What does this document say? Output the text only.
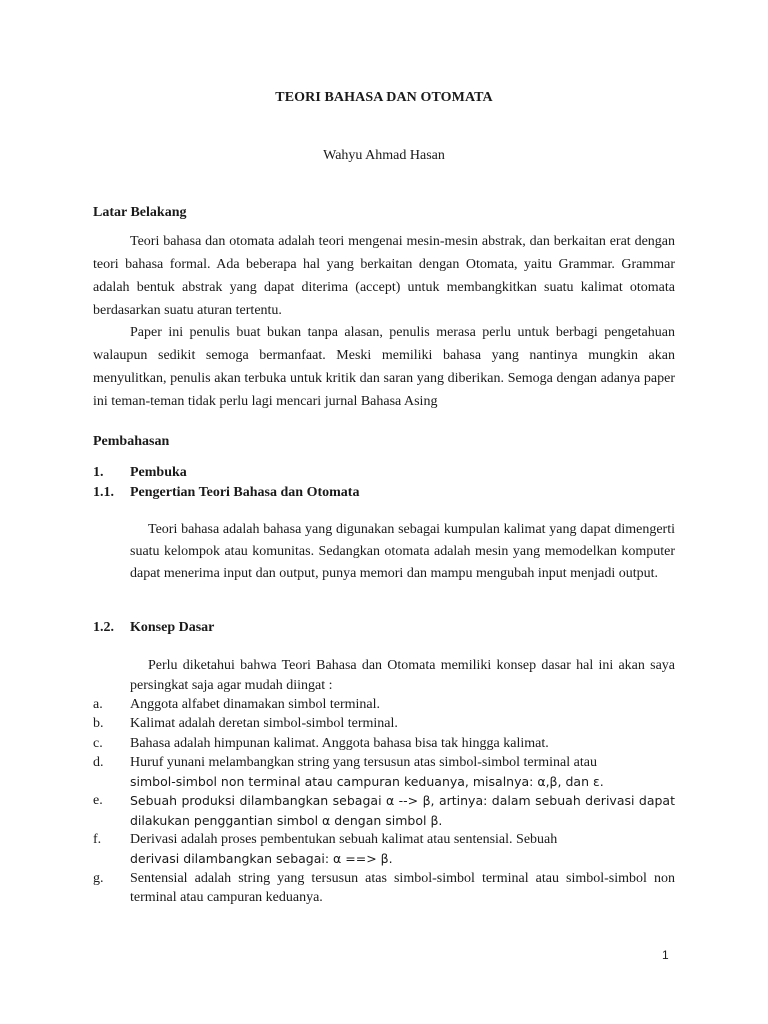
TEORI BAHASA DAN OTOMATA

Wahyu Ahmad Hasan

Latar Belakang

Teori bahasa dan otomata adalah teori mengenai mesin-mesin abstrak, dan berkaitan erat dengan teori bahasa formal. Ada beberapa hal yang berkaitan dengan Otomata, yaitu Grammar. Grammar adalah bentuk abstrak yang dapat diterima (accept) untuk membangkitkan suatu kalimat otomata berdasarkan suatu aturan tertentu.

Paper ini penulis buat bukan tanpa alasan, penulis merasa perlu untuk berbagi pengetahuan walaupun sedikit semoga bermanfaat. Meski memiliki bahasa yang nantinya mungkin akan menyulitkan, penulis akan terbuka untuk kritik dan saran yang diberikan. Semoga dengan adanya paper ini teman-teman tidak perlu lagi mencari jurnal Bahasa Asing

Pembahasan

1. Pembuka

1.1. Pengertian Teori Bahasa dan Otomata

Teori bahasa adalah bahasa yang digunakan sebagai kumpulan kalimat yang dapat dimengerti suatu kelompok atau komunitas. Sedangkan otomata adalah mesin yang memodelkan komputer dapat menerima input dan output, punya memori dan mampu mengubah input menjadi output.

1.2. Konsep Dasar

Perlu diketahui bahwa Teori Bahasa dan Otomata memiliki konsep dasar hal ini akan saya persingkat saja agar mudah diingat :

a.	Anggota alfabet dinamakan simbol terminal.
b.	Kalimat adalah deretan simbol-simbol terminal.
c.	Bahasa adalah himpunan kalimat. Anggota bahasa bisa tak hingga kalimat.
d.	Huruf yunani melambangkan string yang tersusun atas simbol-simbol terminal atau
simbol-simbol non terminal atau campuran keduanya, misalnya: α,β, dan ε.
e.	Sebuah produksi dilambangkan sebagai α --> β, artinya: dalam sebuah derivasi dapat dilakukan penggantian simbol α dengan simbol β.
f.	Derivasi adalah proses pembentukan sebuah kalimat atau sentensial. Sebuah
derivasi dilambangkan sebagai: α ==> β.
g.	Sentensial adalah string yang tersusun atas simbol-simbol terminal atau simbol-simbol non terminal atau campuran keduanya.

1
